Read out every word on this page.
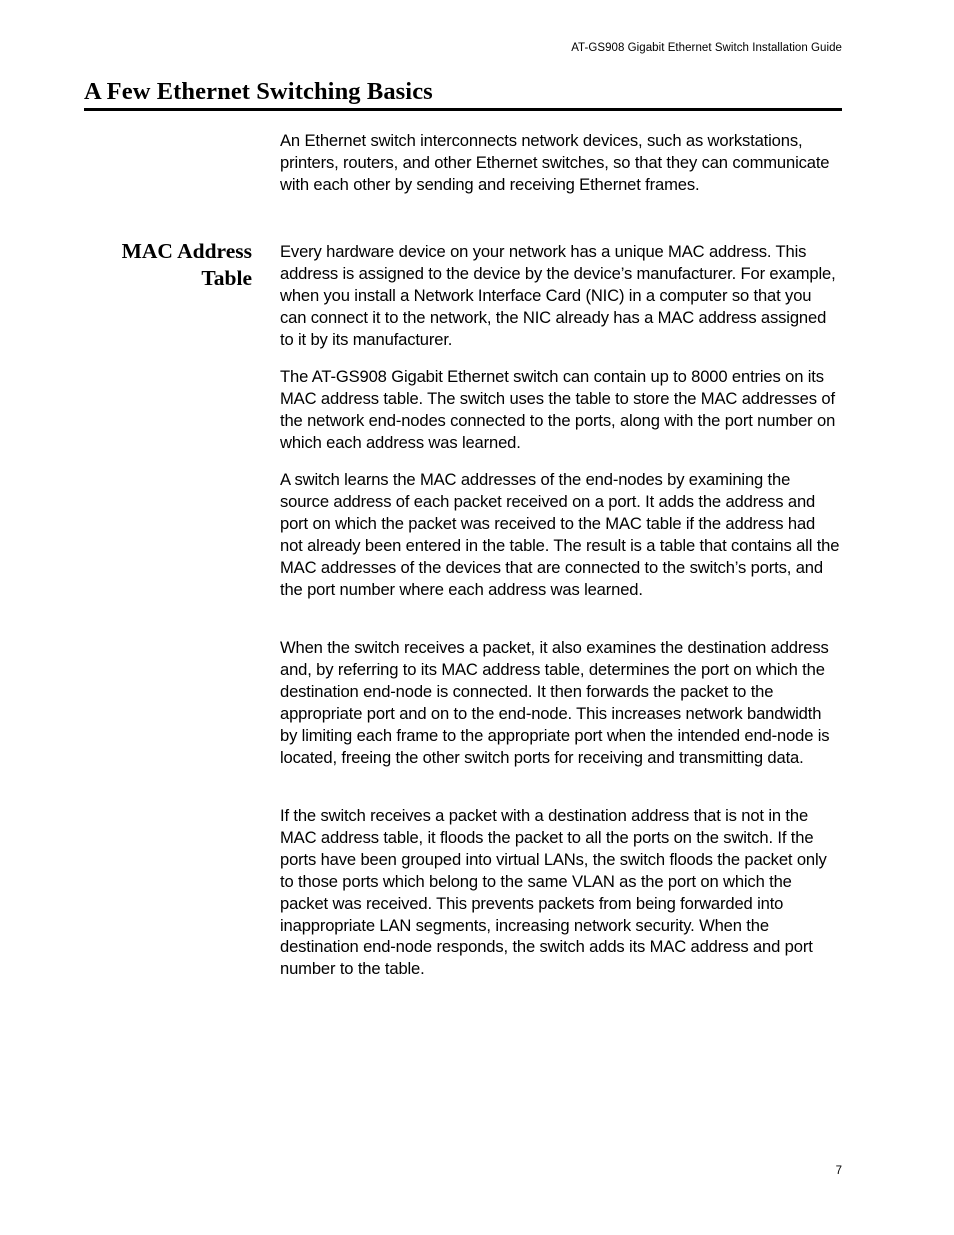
AT-GS908 Gigabit Ethernet Switch Installation Guide
A Few Ethernet Switching Basics

An Ethernet switch interconnects network devices, such as workstations, printers, routers, and other Ethernet switches, so that they can communicate with each other by sending and receiving Ethernet frames.

MAC Address
Table

Every hardware device on your network has a unique MAC address. This address is assigned to the device by the device’s manufacturer. For example, when you install a Network Interface Card (NIC) in a computer so that you can connect it to the network, the NIC already has a MAC address assigned to it by its manufacturer.

The AT-GS908 Gigabit Ethernet switch can contain up to 8000 entries on its MAC address table. The switch uses the table to store the MAC addresses of the network end-nodes connected to the ports, along with the port number on which each address was learned.

A switch learns the MAC addresses of the end-nodes by examining the source address of each packet received on a port. It adds the address and port on which the packet was received to the MAC table if the address had not already been entered in the table. The result is a table that contains all the MAC addresses of the devices that are connected to the switch’s ports, and the port number where each address was learned.

When the switch receives a packet, it also examines the destination address and, by referring to its MAC address table, determines the port on which the destination end-node is connected. It then forwards the packet to the appropriate port and on to the end-node. This increases network bandwidth by limiting each frame to the appropriate port when the intended end-node is located, freeing the other switch ports for receiving and transmitting data.

If the switch receives a packet with a destination address that is not in the MAC address table, it floods the packet to all the ports on the switch. If the ports have been grouped into virtual LANs, the switch floods the packet only to those ports which belong to the same VLAN as the port on which the packet was received. This prevents packets from being forwarded into inappropriate LAN segments, increasing network security. When the destination end-node responds, the switch adds its MAC address and port number to the table.

7
